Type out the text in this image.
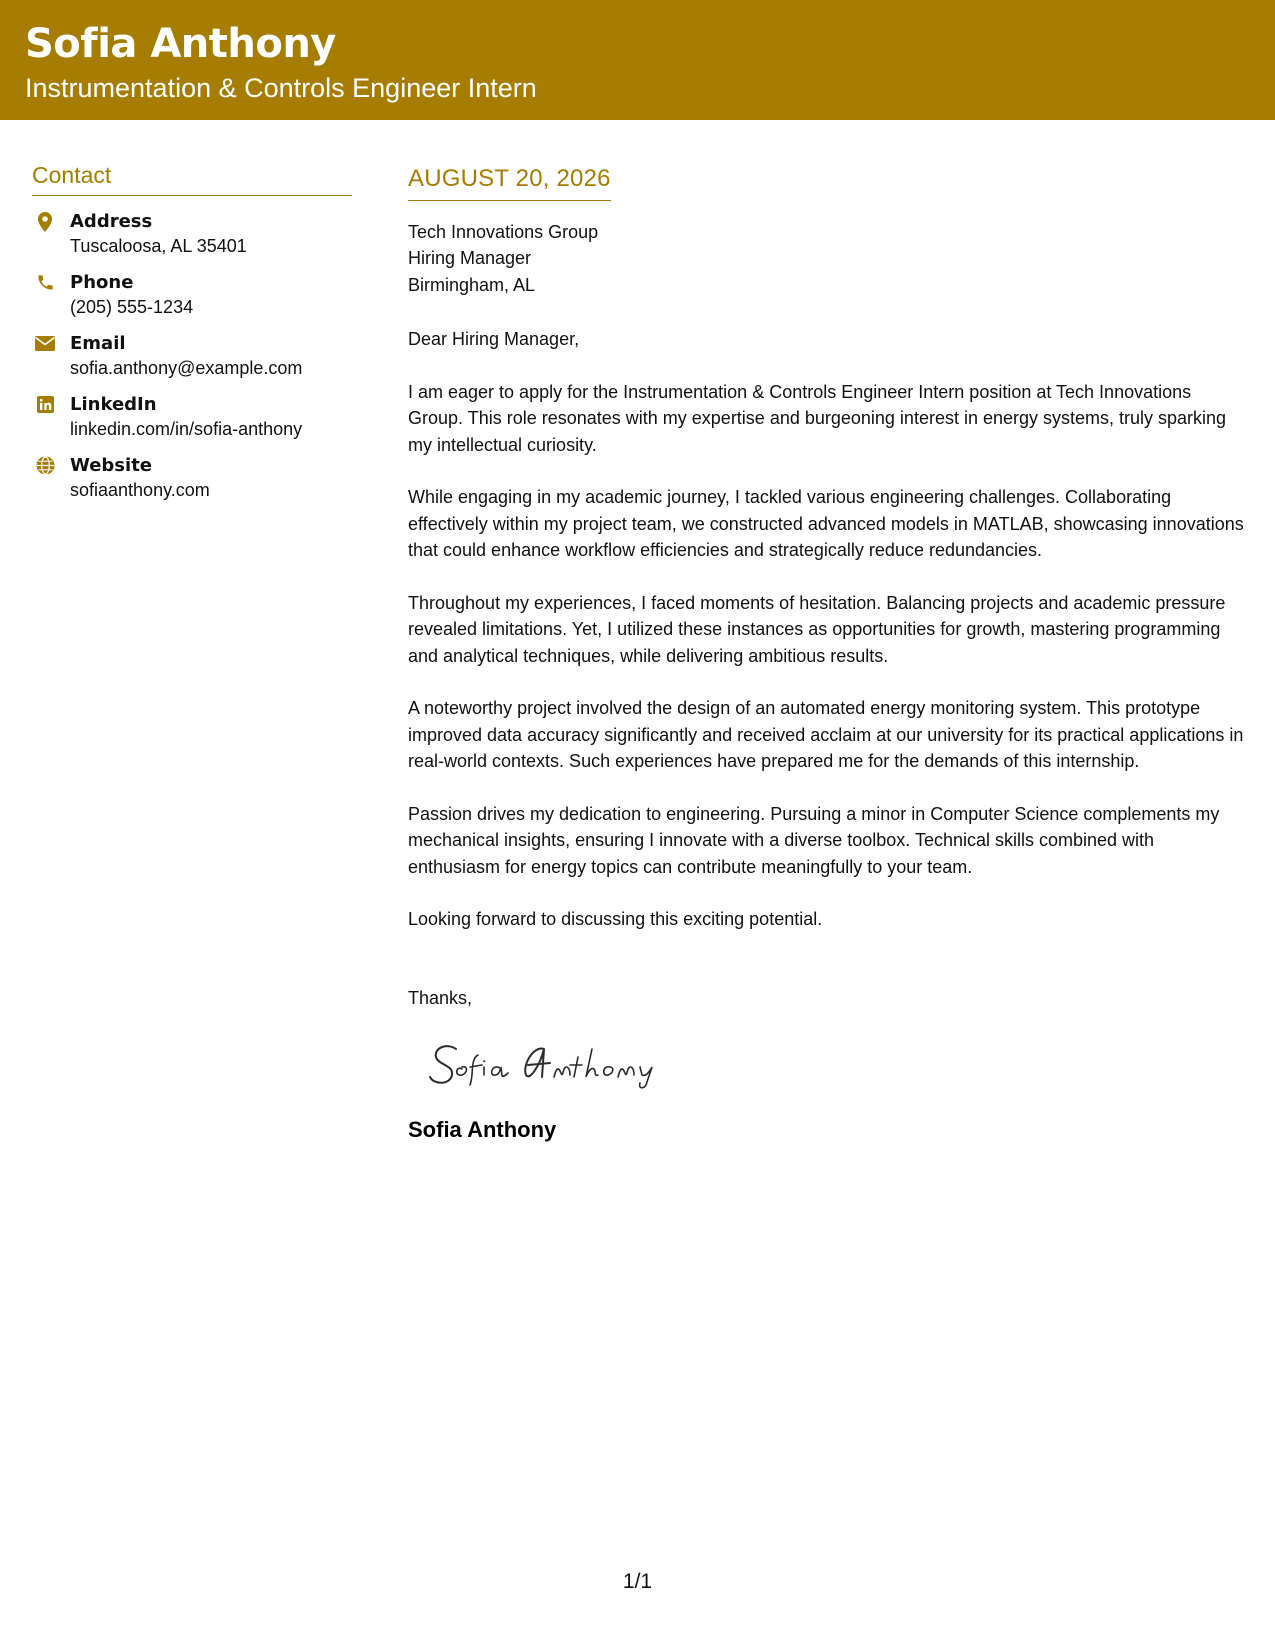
Sofia Anthony
Instrumentation & Controls Engineer Intern
Contact
Address
Tuscaloosa, AL 35401
Phone
(205) 555-1234
Email
sofia.anthony@example.com
LinkedIn
linkedin.com/in/sofia-anthony
Website
sofiaanthony.com
AUGUST 20, 2026
Tech Innovations Group
Hiring Manager
Birmingham, AL
Dear Hiring Manager,
I am eager to apply for the Instrumentation & Controls Engineer Intern position at Tech Innovations Group. This role resonates with my expertise and burgeoning interest in energy systems, truly sparking my intellectual curiosity.
While engaging in my academic journey, I tackled various engineering challenges. Collaborating effectively within my project team, we constructed advanced models in MATLAB, showcasing innovations that could enhance workflow efficiencies and strategically reduce redundancies.
Throughout my experiences, I faced moments of hesitation. Balancing projects and academic pressure revealed limitations. Yet, I utilized these instances as opportunities for growth, mastering programming and analytical techniques, while delivering ambitious results.
A noteworthy project involved the design of an automated energy monitoring system. This prototype improved data accuracy significantly and received acclaim at our university for its practical applications in real-world contexts. Such experiences have prepared me for the demands of this internship.
Passion drives my dedication to engineering. Pursuing a minor in Computer Science complements my mechanical insights, ensuring I innovate with a diverse toolbox. Technical skills combined with enthusiasm for energy topics can contribute meaningfully to your team.
Looking forward to discussing this exciting potential.
Thanks,
Sofia Anthony
1/1
